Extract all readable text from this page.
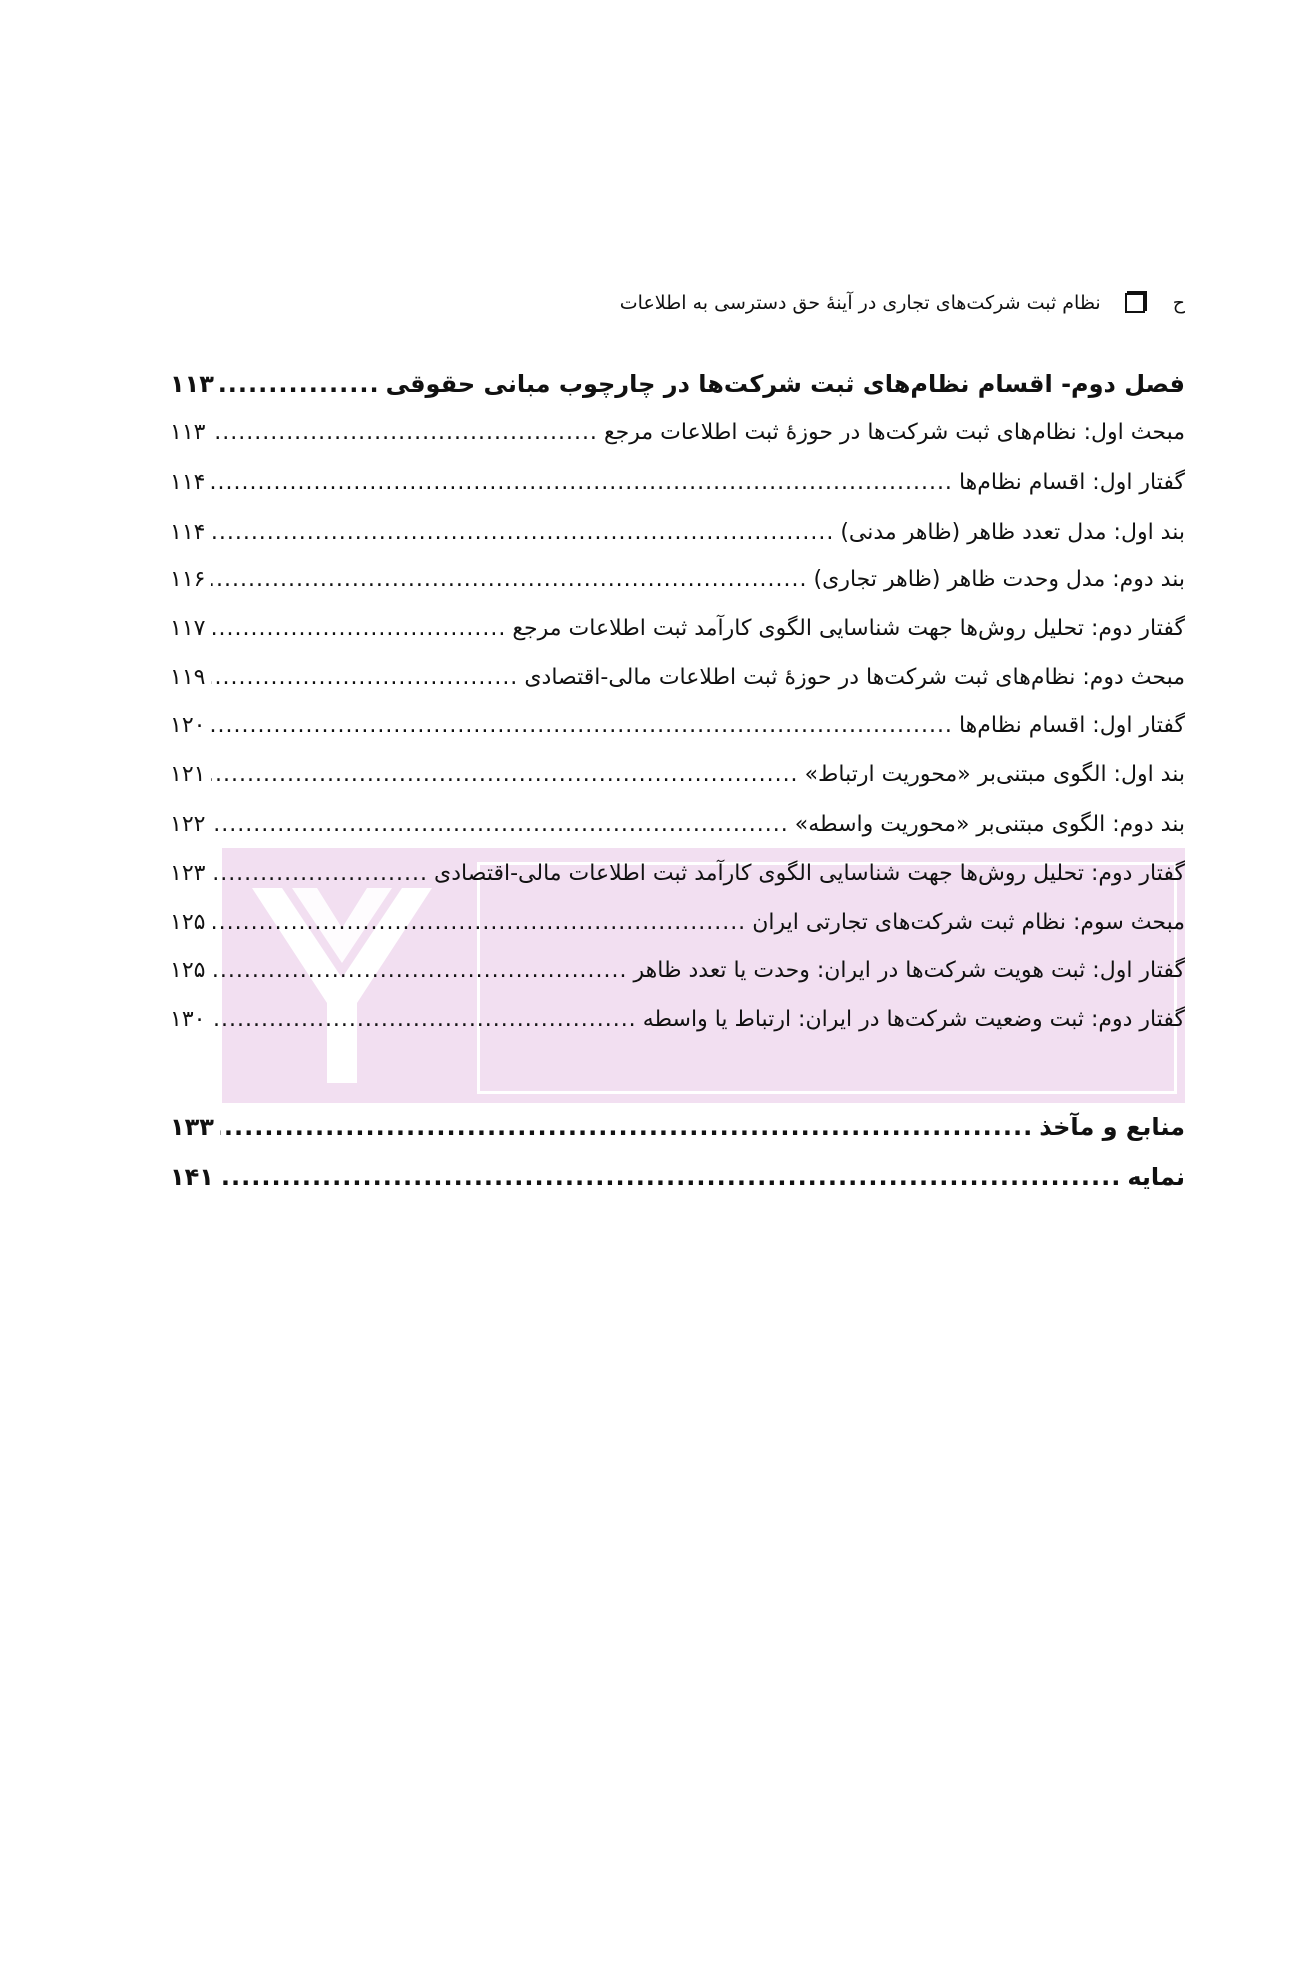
ح
نظام ثبت شرکت‌های تجاری در آینۀ حق دسترسی به اطلاعات
فصل دوم- اقسام نظام‌های ثبت شرکت‌ها در چارچوب مبانی حقوقی
.....
۱۱۳
مبحث اول: نظام‌های ثبت شرکت‌ها در حوزۀ ثبت اطلاعات مرجع
.....
۱۱۳
گفتار اول: اقسام نظام‌ها
.....
۱۱۴
بند اول: مدل تعدد ظاهر (ظاهر مدنی)
.....
۱۱۴
بند دوم: مدل وحدت ظاهر (ظاهر تجاری)
.....
۱۱۶
گفتار دوم: تحلیل روش‌ها جهت شناسایی الگوی کارآمد ثبت اطلاعات مرجع
.....
۱۱۷
مبحث دوم: نظام‌های ثبت شرکت‌ها در حوزۀ ثبت اطلاعات مالی-اقتصادی
.....
۱۱۹
گفتار اول: اقسام نظام‌ها
.....
۱۲۰
بند اول: الگوی مبتنی‌بر «محوریت ارتباط»
.....
۱۲۱
بند دوم: الگوی مبتنی‌بر «محوریت واسطه»
.....
۱۲۲
گفتار دوم: تحلیل روش‌ها جهت شناسایی الگوی کارآمد ثبت اطلاعات مالی-اقتصادی
.....
۱۲۳
مبحث سوم: نظام ثبت شرکت‌های تجارتی ایران
.....
۱۲۵
گفتار اول: ثبت هویت شرکت‌ها در ایران: وحدت یا تعدد ظاهر
.....
۱۲۵
گفتار دوم: ثبت وضعیت شرکت‌ها در ایران: ارتباط یا واسطه
.....
۱۳۰
منابع و مآخذ
.....
۱۳۳
نمایه
.....
۱۴۱
